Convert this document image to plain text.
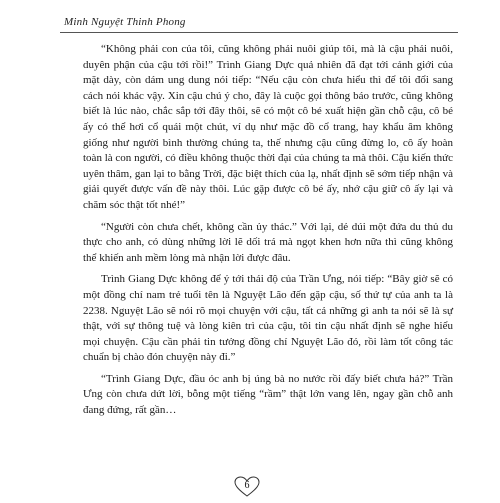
Minh Nguyệt Thinh Phong

“Không phải con của tôi, cũng không phải nuôi giúp tôi, mà là cậu phải nuôi, duyên phận của cậu tới rồi!” Trình Giang Dực quả nhiên đã đạt tới cảnh giới của mặt dày, còn dám ung dung nói tiếp: “Nếu cậu còn chưa hiểu thì để tôi đổi sang cách nói khác vậy. Xin cậu chú ý cho, đây là cuộc gọi thông báo trước, cũng không biết là lúc nào, chắc sắp tới đây thôi, sẽ có một cô bé xuất hiện gần chỗ cậu, cô bé ấy có thể hơi cổ quái một chút, ví dụ như mặc đồ cổ trang, hay khẩu âm không giống như người bình thường chúng ta, thế nhưng cậu cũng đừng lo, cô ấy hoàn toàn là con người, có điều không thuộc thời đại của chúng ta mà thôi. Cậu kiến thức uyên thâm, gan lại to bằng Trời, đặc biệt thích của lạ, nhất định sẽ sớm tiếp nhận và giải quyết được vấn đề này thôi. Lúc gặp được cô bé ấy, nhớ cậu giữ cô ấy lại và chăm sóc thật tốt nhé!”

“Người còn chưa chết, không cần ủy thác.” Với lại, dẻ dúi một đứa du thủ du thực cho anh, có dùng những lời lẽ dối trá mà ngọt khen hơn nữa thì cũng không thể khiến anh mềm lòng mà nhận lời được đâu.

Trình Giang Dực không để ý tới thái độ của Trần Ưng, nói tiếp: “Bây giờ sẽ có một đồng chí nam trẻ tuổi tên là Nguyệt Lão đến gặp cậu, số thứ tự của anh ta là 2238. Nguyệt Lão sẽ nói rõ mọi chuyện với cậu, tất cả những gì anh ta nói sẽ là sự thật, với sự thông tuệ và lòng kiên trì của cậu, tôi tin cậu nhất định sẽ nghe hiểu mọi chuyện. Cậu cần phải tin tưởng đồng chí Nguyệt Lão đó, rồi làm tốt công tác chuẩn bị chào đón chuyện này đi.”

“Trình Giang Dực, đầu óc anh bị úng bà no nước rồi đấy biết chưa hả?” Trần Ưng còn chưa dứt lời, bỗng một tiếng “rầm” thật lớn vang lên, ngay gần chỗ anh đang đứng, rất gần…

6
